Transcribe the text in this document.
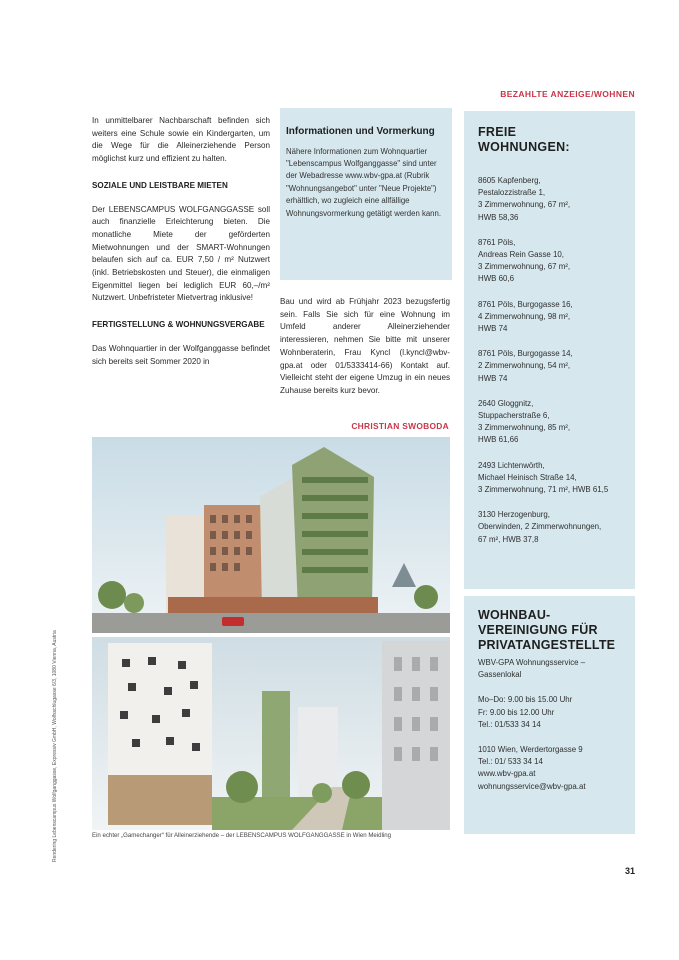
BEZAHLTE ANZEIGE/WOHNEN

In unmittelbarer Nachbarschaft befinden sich weiters eine Schule sowie ein Kindergarten, um die Wege für die Alleinerziehende Person möglichst kurz und effizient zu halten.

SOZIALE UND LEISTBARE MIETEN

Der LEBENSCAMPUS WOLFGANGGASSE soll auch finanzielle Erleichterung bieten. Die monatliche Miete der geförderten Mietwohnungen und der SMART-Wohnungen belaufen sich auf ca. EUR 7,50 / m² Nutzwert (inkl. Betriebskosten und Steuer), die einmaligen Eigenmittel liegen bei lediglich EUR 60,–/m² Nutzwert. Unbefristeter Mietvertrag inklusive!

FERTIGSTELLUNG & WOHNUNGSVERGABE

Das Wohnquartier in der Wolfganggasse befindet sich bereits seit Sommer 2020 in

Informationen und Vormerkung

Nähere Informationen zum Wohnquartier "Lebenscampus Wolfganggasse" sind unter der Webadresse www.wbv-gpa.at (Rubrik "Wohnungsangebot" unter "Neue Projekte") erhältlich, wo zugleich eine allfällige Wohnungsvormerkung getätigt werden kann.

Bau und wird ab Frühjahr 2023 bezugsfertig sein. Falls Sie sich für eine Wohnung im Umfeld anderer Alleinerziehender interessieren, nehmen Sie bitte mit unserer Wohnberaterin, Frau Kyncl (l.kyncl@wbv-gpa.at oder 01/5333414-66) Kontakt auf. Vielleicht steht der eigene Umzug in ein neues Zuhause bereits kurz bevor.

CHRISTIAN SWOBODA
FREIE
WOHNUNGEN:
8605 Kapfenberg,
Pestalozzistraße 1,
3 Zimmerwohnung, 67 m²,
HWB 58,36
8761 Pöls,
Andreas Rein Gasse 10,
3 Zimmerwohnung, 67 m²,
HWB 60,6
8761 Pöls, Burgogasse 16,
4 Zimmerwohnung, 98 m²,
HWB 74
8761 Pöls, Burgogasse 14,
2 Zimmerwohnung, 54 m²,
HWB 74
2640 Gloggnitz,
Stuppacherstraße 6,
3 Zimmerwohnung, 85 m²,
HWB 61,66
2493 Lichtenwörth,
Michael Heinisch Straße 14,
3 Zimmerwohnung, 71 m², HWB 61,5
3130 Herzogenburg,
Oberwinden, 2 Zimmerwohnungen,
67 m², HWB 37,8
WOHNBAU-
VEREINIGUNG FÜR
PRIVATANGESTELLTE
WBV-GPA Wohnungsservice –
Gassenlokal
Mo–Do: 9.00 bis 15.00 Uhr
Fr: 9.00 bis 12.00 Uhr
Tel.: 01/533 34 14
1010 Wien, Werdertorgasse 9
Tel.: 01/ 533 34 14
www.wbv-gpa.at
wohnungsservice@wbv-gpa.at
Ein echter „Gamechanger“ für Alleinerziehende – der LEBENSCAMPUS WOLFGANGGASSE in Wien Meidling
Rendering Lebenscampus Wolfganggasse, Expressiv GmbH, Wolfsschlugasse 6/3, 1080 Vienna, Austria
31
